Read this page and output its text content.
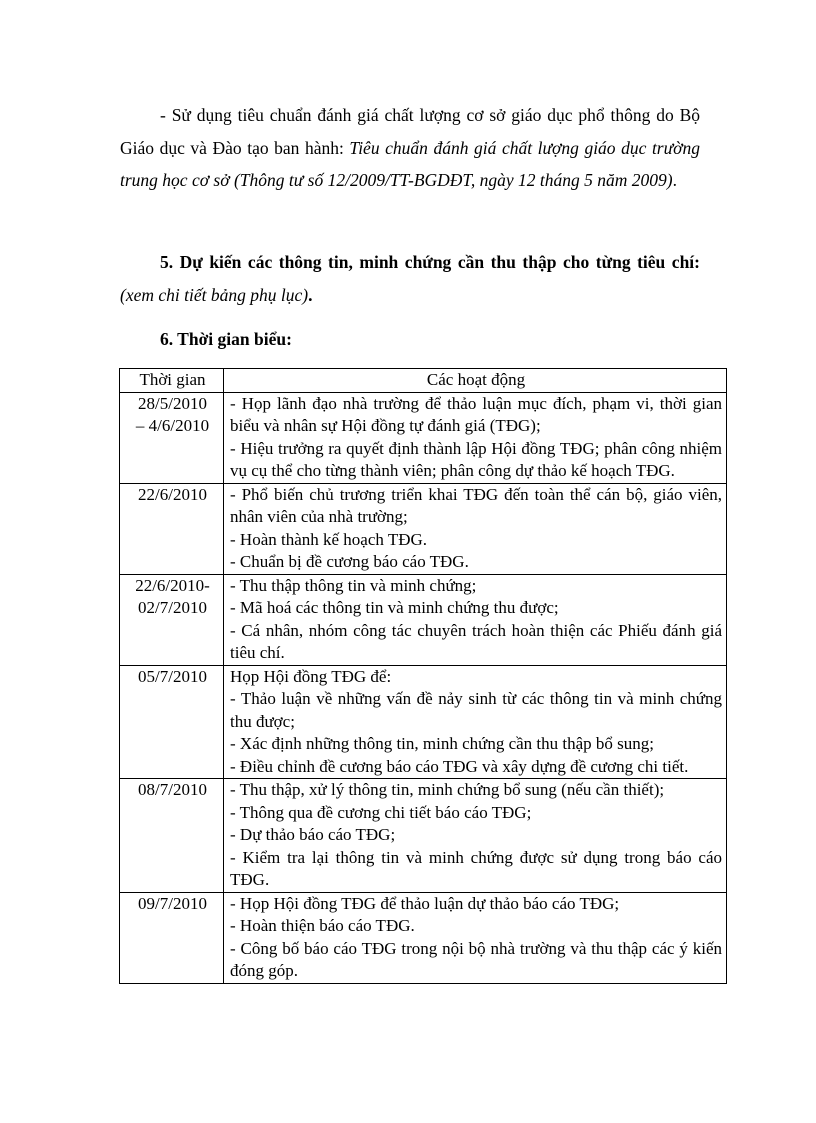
- Sử dụng tiêu chuẩn đánh giá chất lượng cơ sở giáo dục phổ thông do Bộ Giáo dục và Đào tạo ban hành: Tiêu chuẩn đánh giá chất lượng giáo dục trường trung học cơ sở (Thông tư số 12/2009/TT-BGDĐT, ngày 12 tháng 5 năm 2009).
5. Dự kiến các thông tin, minh chứng cần thu thập cho từng tiêu chí: (xem chi tiết bảng phụ lục).
6. Thời gian biểu:
Thời gian	Các hoạt động

28/5/2010
– 4/6/2010	- Họp lãnh đạo nhà trường để thảo luận mục đích, phạm vi, thời gian biểu và nhân sự Hội đồng tự đánh giá (TĐG);
- Hiệu trưởng ra quyết định thành lập Hội đồng TĐG; phân công nhiệm vụ cụ thể cho từng thành viên; phân công dự thảo kế hoạch TĐG.

22/6/2010	- Phổ biến chủ trương triển khai TĐG đến toàn thể cán bộ, giáo viên, nhân viên của nhà trường;
- Hoàn thành kế hoạch TĐG.
- Chuẩn bị đề cương báo cáo TĐG.

22/6/2010-
02/7/2010	- Thu thập thông tin và minh chứng;
- Mã hoá các thông tin và minh chứng thu được;
- Cá nhân, nhóm công tác chuyên trách hoàn thiện các Phiếu đánh giá tiêu chí.

05/7/2010	Họp Hội đồng TĐG để:
- Thảo luận về những vấn đề nảy sinh từ các thông tin và minh chứng thu được;
- Xác định những thông tin, minh chứng cần thu thập bổ sung;
- Điều chỉnh đề cương báo cáo TĐG và xây dựng đề cương chi tiết.

08/7/2010	- Thu thập, xử lý thông tin, minh chứng bổ sung (nếu cần thiết);
- Thông qua đề cương chi tiết báo cáo TĐG;
- Dự thảo báo cáo TĐG;
- Kiểm tra lại thông tin và minh chứng được sử dụng trong báo cáo TĐG.

09/7/2010	- Họp Hội đồng TĐG để thảo luận dự thảo báo cáo TĐG;
- Hoàn thiện báo cáo TĐG.
- Công bố báo cáo TĐG trong nội bộ nhà trường và thu thập các ý kiến đóng góp.
